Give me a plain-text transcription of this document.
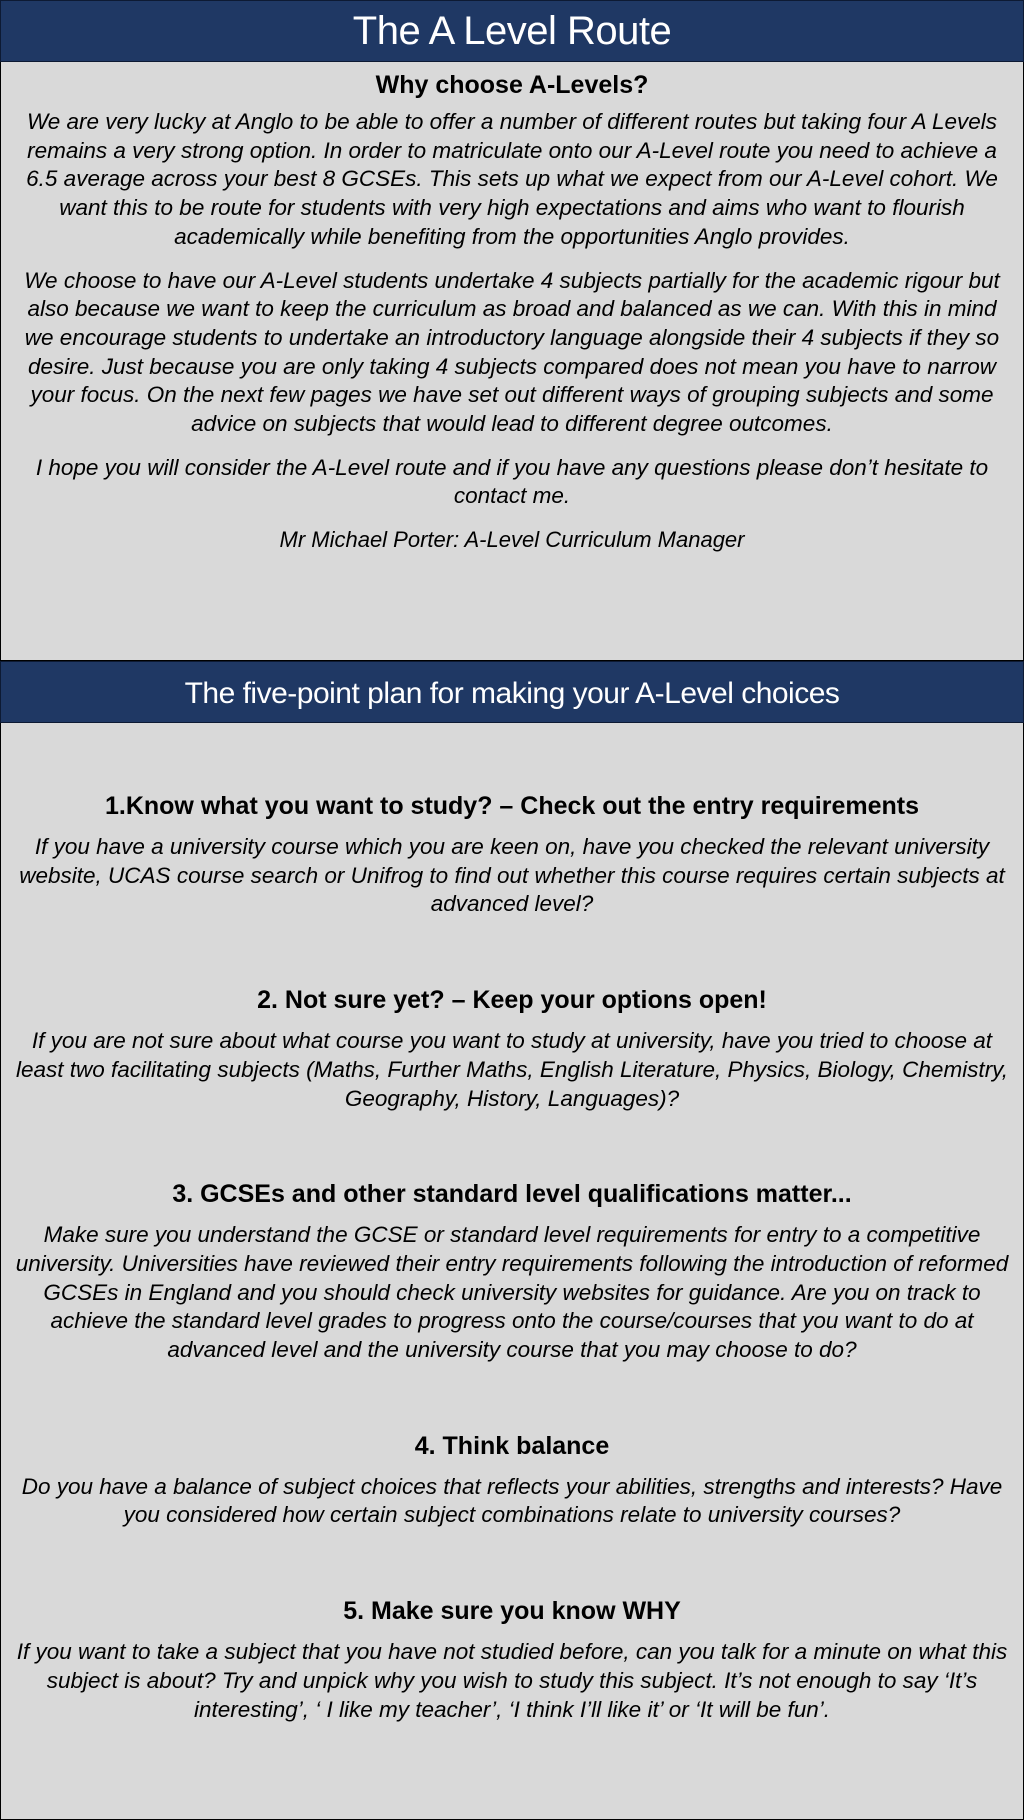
The A Level Route
Why choose A-Levels?

We are very lucky at Anglo to be able to offer a number of different routes but taking four A Levels remains a very strong option. In order to matriculate onto our A-Level route you need to achieve a 6.5 average across your best 8 GCSEs. This sets up what we expect from our A-Level cohort. We want this to be route for students with very high expectations and aims who want to flourish academically while benefiting from the opportunities Anglo provides.

We choose to have our A-Level students undertake 4 subjects partially for the academic rigour but also because we want to keep the curriculum as broad and balanced as we can. With this in mind we encourage students to undertake an introductory language alongside their 4 subjects if they so desire. Just because you are only taking 4 subjects compared does not mean you have to narrow your focus. On the next few pages we have set out different ways of grouping subjects and some advice on subjects that would lead to different degree outcomes.

I hope you will consider the A-Level route and if you have any questions please don’t hesitate to contact me.

Mr Michael Porter: A-Level Curriculum Manager

The five-point plan for making your A-Level choices
1.Know what you want to study? – Check out the entry requirements

If you have a university course which you are keen on, have you checked the relevant university website, UCAS course search or Unifrog to find out whether this course requires certain subjects at advanced level?

2. Not sure yet? – Keep your options open!

If you are not sure about what course you want to study at university, have you tried to choose at least two facilitating subjects (Maths, Further Maths, English Literature, Physics, Biology, Chemistry, Geography, History, Languages)?

3. GCSEs and other standard level qualifications matter...

Make sure you understand the GCSE or standard level requirements for entry to a competitive university. Universities have reviewed their entry requirements following the introduction of reformed GCSEs in England and you should check university websites for guidance. Are you on track to achieve the standard level grades to progress onto the course/courses that you want to do at advanced level and the university course that you may choose to do?

4. Think balance

Do you have a balance of subject choices that reflects your abilities, strengths and interests? Have you considered how certain subject combinations relate to university courses?

5. Make sure you know WHY

If you want to take a subject that you have not studied before, can you talk for a minute on what this subject is about? Try and unpick why you wish to study this subject. It’s not enough to say ‘It’s interesting’, ‘ I like my teacher’, ‘I think I’ll like it’ or ‘It will be fun’.
